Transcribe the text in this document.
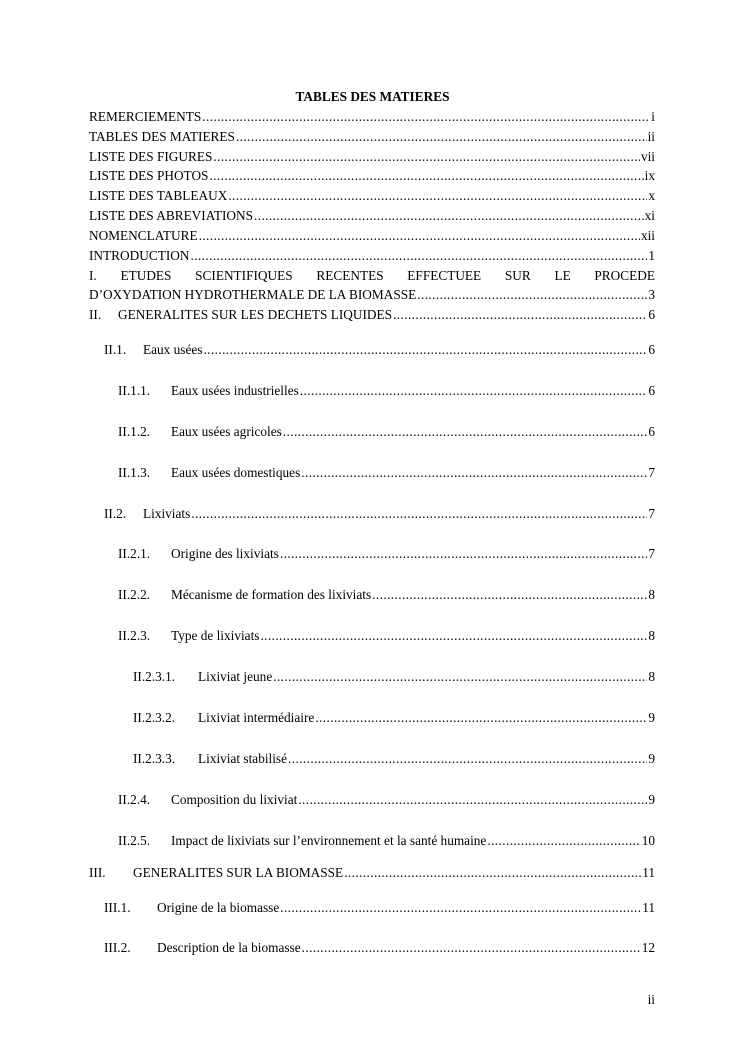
TABLES DES MATIERES
REMERCIEMENTS .....	i
TABLES DES MATIERES .....	ii
LISTE DES FIGURES .....	vii
LISTE DES PHOTOS .....	ix
LISTE DES TABLEAUX .....	x
LISTE DES ABREVIATIONS .....	xi
NOMENCLATURE .....	xii
INTRODUCTION .....	1
I. ETUDES SCIENTIFIQUES RECENTES EFFECTUEE SUR LE PROCEDE
D’OXYDATION HYDROTHERMALE DE LA BIOMASSE .....	3
II.	GENERALITES SUR LES DECHETS LIQUIDES .....	6
II.1.	Eaux usées .....	6
II.1.1.	Eaux usées industrielles .....	6
II.1.2.	Eaux usées agricoles .....	6
II.1.3.	Eaux usées domestiques .....	7
II.2.	Lixiviats .....	7
II.2.1.	Origine des lixiviats .....	7
II.2.2.	Mécanisme de formation des lixiviats .....	8
II.2.3.	Type de lixiviats .....	8
II.2.3.1.	Lixiviat jeune .....	8
II.2.3.2.	Lixiviat intermédiaire .....	9
II.2.3.3.	Lixiviat stabilisé .....	9
II.2.4.	Composition du lixiviat .....	9
II.2.5.	Impact de lixiviats sur l’environnement et la santé humaine .....	10
III.	GENERALITES SUR LA BIOMASSE .....	11
III.1.	Origine de la biomasse .....	11
III.2.	Description de la biomasse .....	12
ii
